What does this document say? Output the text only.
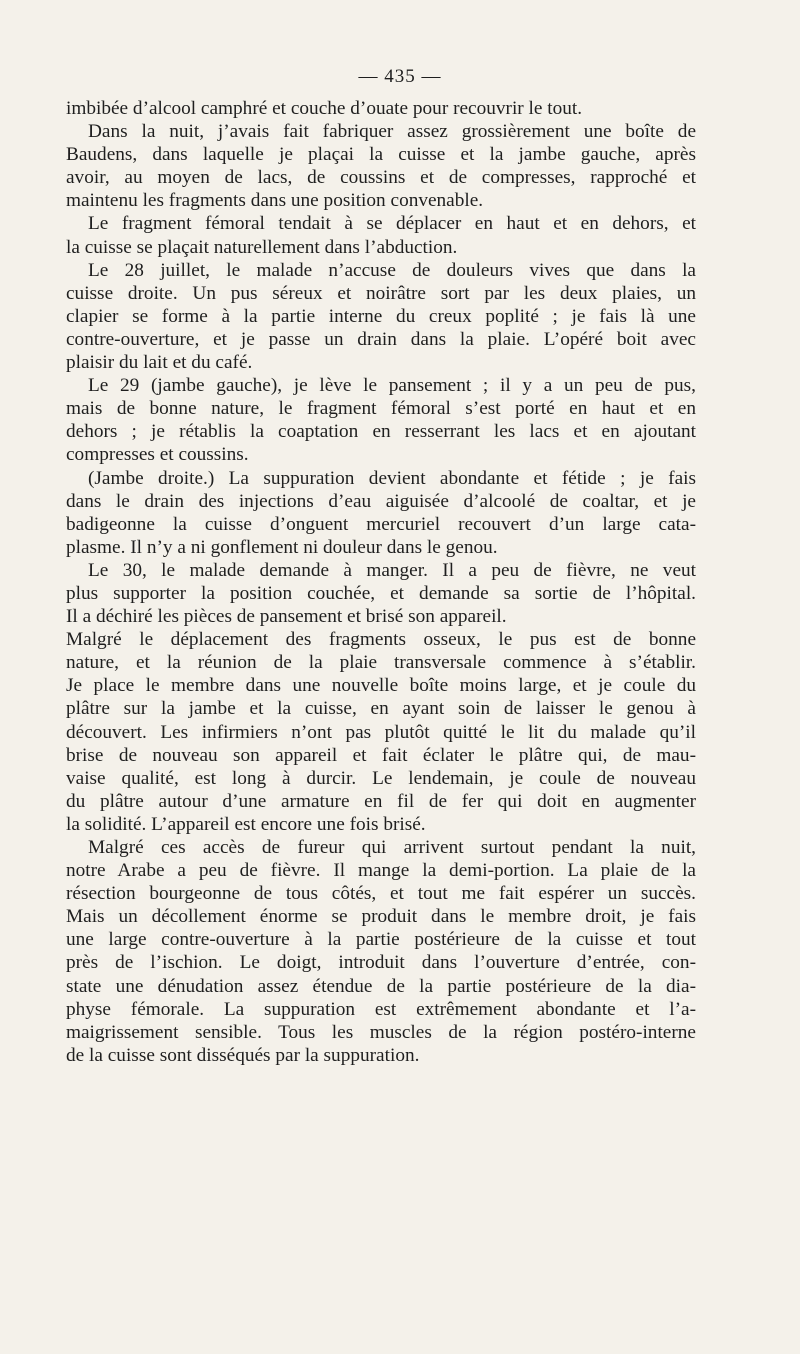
— 435 —
imbibée d’alcool camphré et couche d’ouate pour recouvrir le tout.
Dans la nuit, j’avais fait fabriquer assez grossièrement une boîte de
Baudens, dans laquelle je plaçai la cuisse et la jambe gauche, après
avoir, au moyen de lacs, de coussins et de compresses, rapproché et
maintenu les fragments dans une position convenable.
Le fragment fémoral tendait à se déplacer en haut et en dehors, et
la cuisse se plaçait naturellement dans l’abduction.
Le 28 juillet, le malade n’accuse de douleurs vives que dans la
cuisse droite. Un pus séreux et noirâtre sort par les deux plaies, un
clapier se forme à la partie interne du creux poplité ; je fais là une
contre-ouverture, et je passe un drain dans la plaie. L’opéré boit avec
plaisir du lait et du café.
Le 29 (jambe gauche), je lève le pansement ; il y a un peu de pus,
mais de bonne nature, le fragment fémoral s’est porté en haut et en
dehors ; je rétablis la coaptation en resserrant les lacs et en ajoutant
compresses et coussins.
(Jambe droite.) La suppuration devient abondante et fétide ; je fais
dans le drain des injections d’eau aiguisée d’alcoolé de coaltar, et je
badigeonne la cuisse d’onguent mercuriel recouvert d’un large cata-
plasme. Il n’y a ni gonflement ni douleur dans le genou.
Le 30, le malade demande à manger. Il a peu de fièvre, ne veut
plus supporter la position couchée, et demande sa sortie de l’hôpital.
Il a déchiré les pièces de pansement et brisé son appareil.
Malgré le déplacement des fragments osseux, le pus est de bonne
nature, et la réunion de la plaie transversale commence à s’établir.
Je place le membre dans une nouvelle boîte moins large, et je coule du
plâtre sur la jambe et la cuisse, en ayant soin de laisser le genou à
découvert. Les infirmiers n’ont pas plutôt quitté le lit du malade qu’il
brise de nouveau son appareil et fait éclater le plâtre qui, de mau-
vaise qualité, est long à durcir. Le lendemain, je coule de nouveau
du plâtre autour d’une armature en fil de fer qui doit en augmenter
la solidité. L’appareil est encore une fois brisé.
Malgré ces accès de fureur qui arrivent surtout pendant la nuit,
notre Arabe a peu de fièvre. Il mange la demi-portion. La plaie de la
résection bourgeonne de tous côtés, et tout me fait espérer un succès.
Mais un décollement énorme se produit dans le membre droit, je fais
une large contre-ouverture à la partie postérieure de la cuisse et tout
près de l’ischion. Le doigt, introduit dans l’ouverture d’entrée, con-
state une dénudation assez étendue de la partie postérieure de la dia-
physe fémorale. La suppuration est extrêmement abondante et l’a-
maigrissement sensible. Tous les muscles de la région postéro-interne
de la cuisse sont disséqués par la suppuration.
